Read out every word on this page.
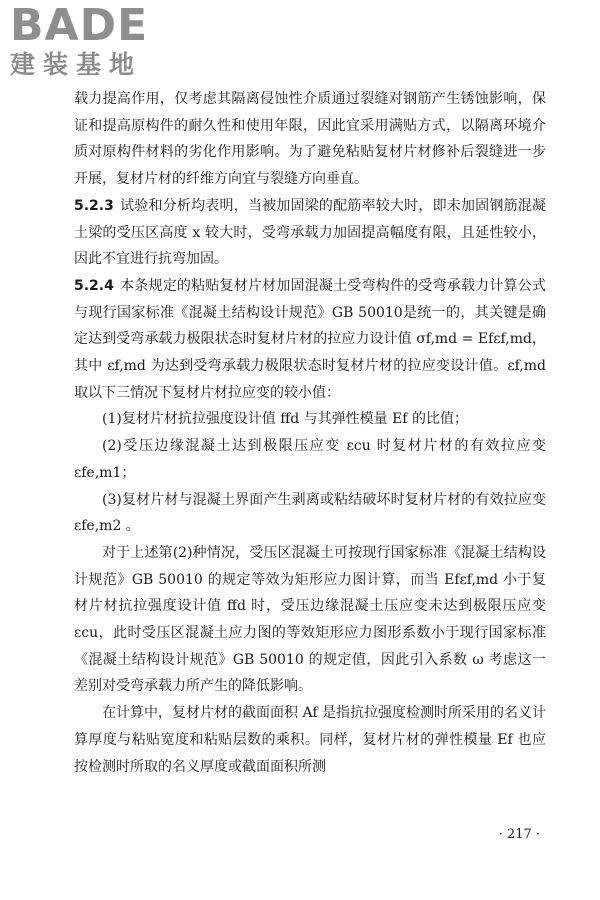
BADE
建装基地

载力提高作用，仅考虑其隔离侵蚀性介质通过裂缝对钢筋产生锈蚀影响，保证和提高原构件的耐久性和使用年限，因此宜采用满贴方式，以隔离环境介质对原构件材料的劣化作用影响。为了避免粘贴复材片材修补后裂缝进一步开展，复材片材的纤维方向宜与裂缝方向垂直。

5.2.3 试验和分析均表明，当被加固梁的配筋率较大时，即未加固钢筋混凝土梁的受压区高度 x 较大时，受弯承载力加固提高幅度有限，且延性较小，因此不宜进行抗弯加固。

5.2.4 本条规定的粘贴复材片材加固混凝土受弯构件的受弯承载力计算公式与现行国家标准《混凝土结构设计规范》GB 50010是统一的，其关键是确定达到受弯承载力极限状态时复材片材的拉应力设计值 σf,md = Efεf,md，其中 εf,md 为达到受弯承载力极限状态时复材片材的拉应变设计值。εf,md 取以下三情况下复材片材拉应变的较小值：

(1)复材片材抗拉强度设计值 ffd 与其弹性模量 Ef 的比值；

(2)受压边缘混凝土达到极限压应变 εcu 时复材片材的有效拉应变 εfe,m1；

(3)复材片材与混凝土界面产生剥离或粘结破坏时复材片材的有效拉应变 εfe,m2 。

对于上述第(2)种情况，受压区混凝土可按现行国家标准《混凝土结构设计规范》GB 50010 的规定等效为矩形应力图计算，而当 Efεf,md 小于复材片材抗拉强度设计值 ffd 时，受压边缘混凝土压应变未达到极限压应变 εcu，此时受压区混凝土应力图的等效矩形应力图形系数小于现行国家标准《混凝土结构设计规范》GB 50010 的规定值，因此引入系数 ω 考虑这一差别对受弯承载力所产生的降低影响。

在计算中，复材片材的截面面积 Af 是指抗拉强度检测时所采用的名义计算厚度与粘贴宽度和粘贴层数的乘积。同样，复材片材的弹性模量 Ef 也应按检测时所取的名义厚度或截面面积所测

· 217 ·
